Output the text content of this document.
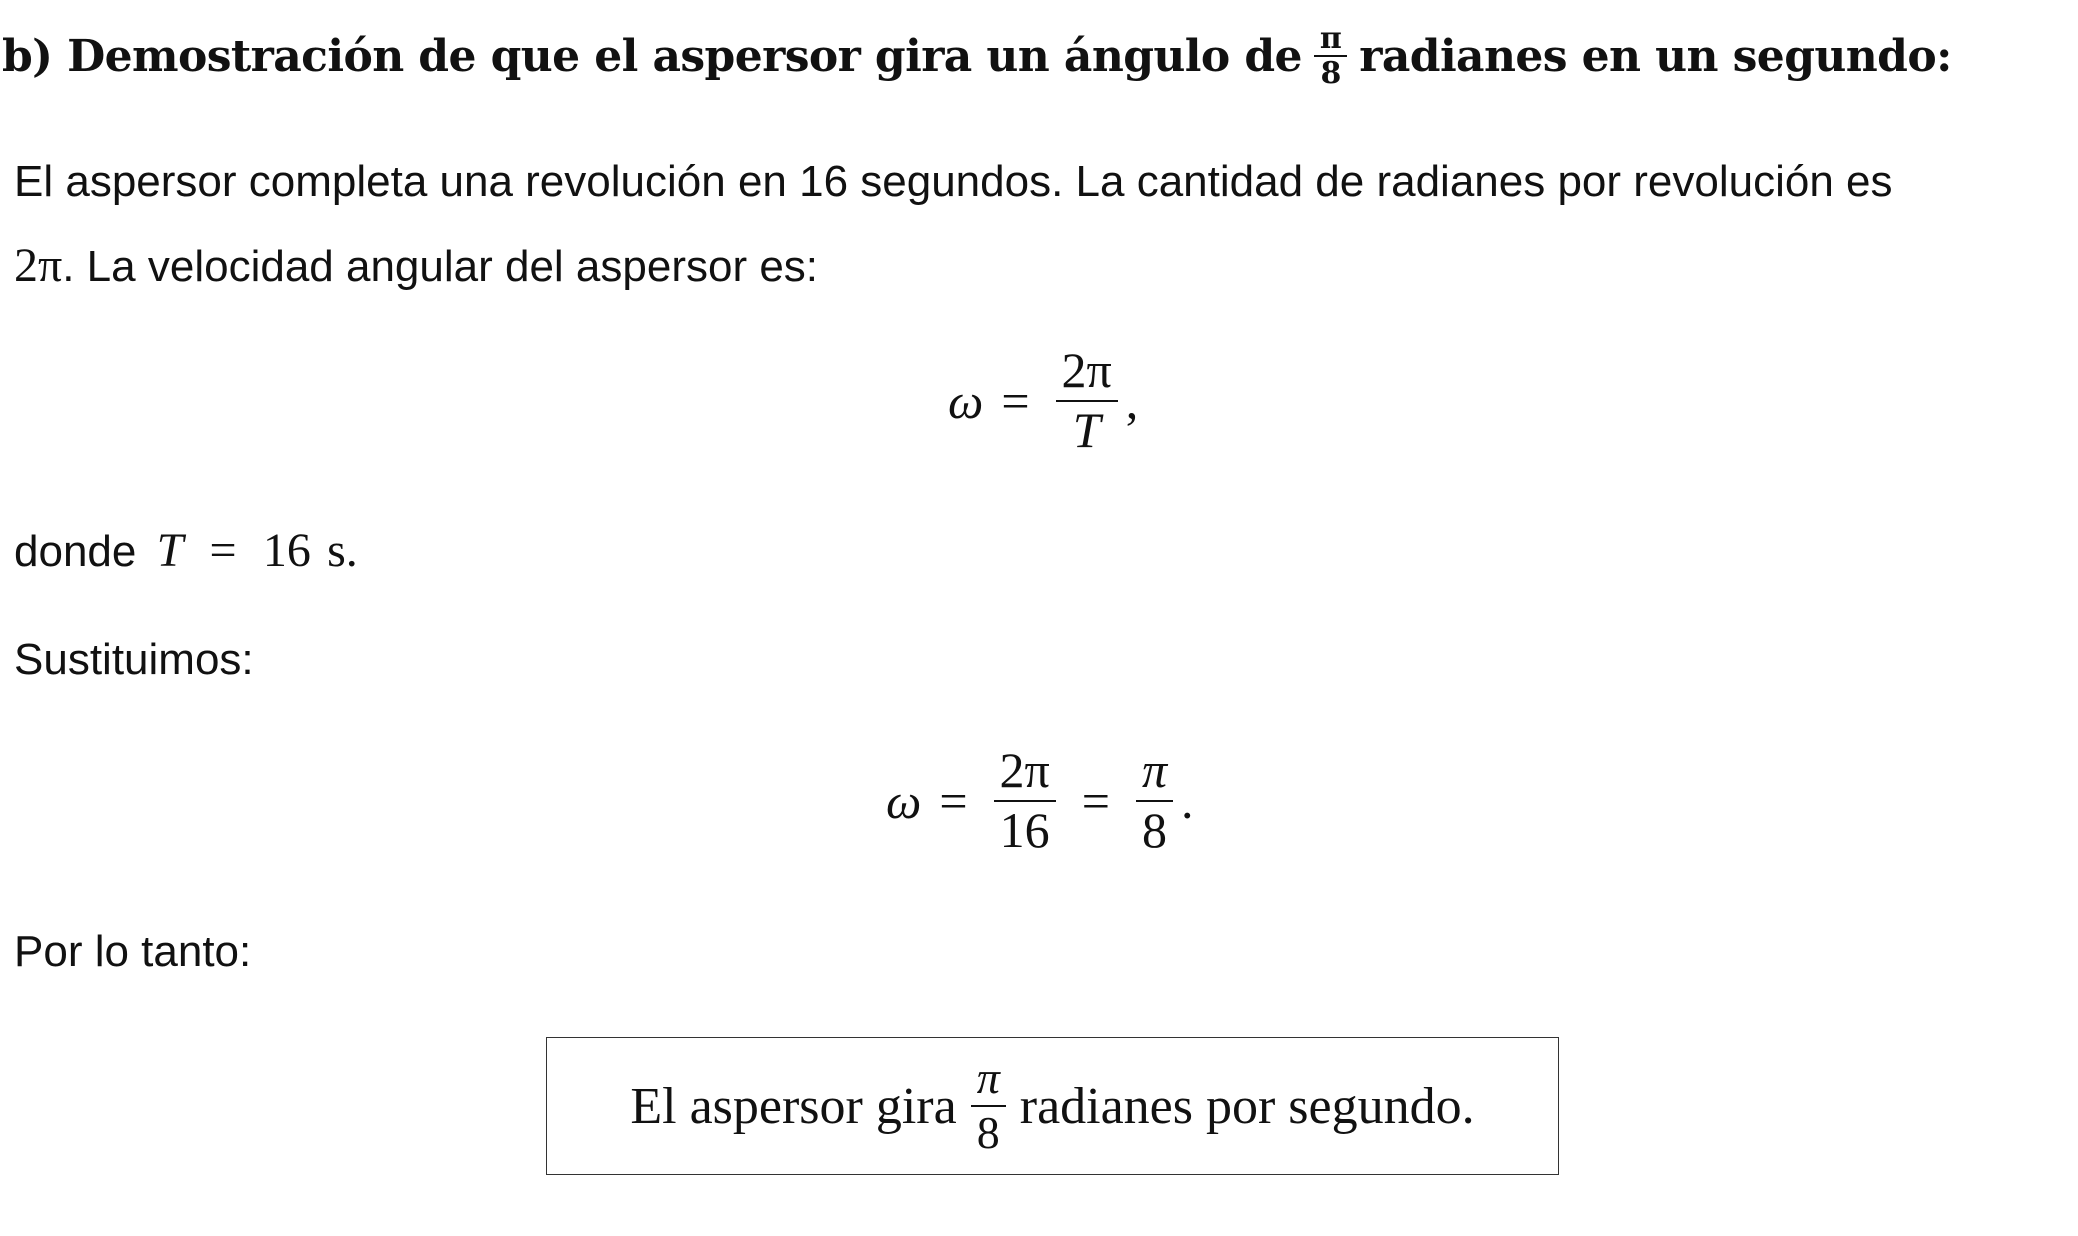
b) Demostración de que el aspersor gira un ángulo de $\frac{\pi}{8}$ radianes en un segundo:
El aspersor completa una revolución en 16 segundos. La cantidad de radianes por revolución es
2π. La velocidad angular del aspersor es:
$\omega = \frac{2\pi}{T}$ ,
donde T = 16 s.
Sustituimos:
$\omega = \frac{2\pi}{16} = \frac{\pi}{8}$ .
Por lo tanto:
El aspersor gira $\frac{\pi}{8}$ radianes por segundo.
